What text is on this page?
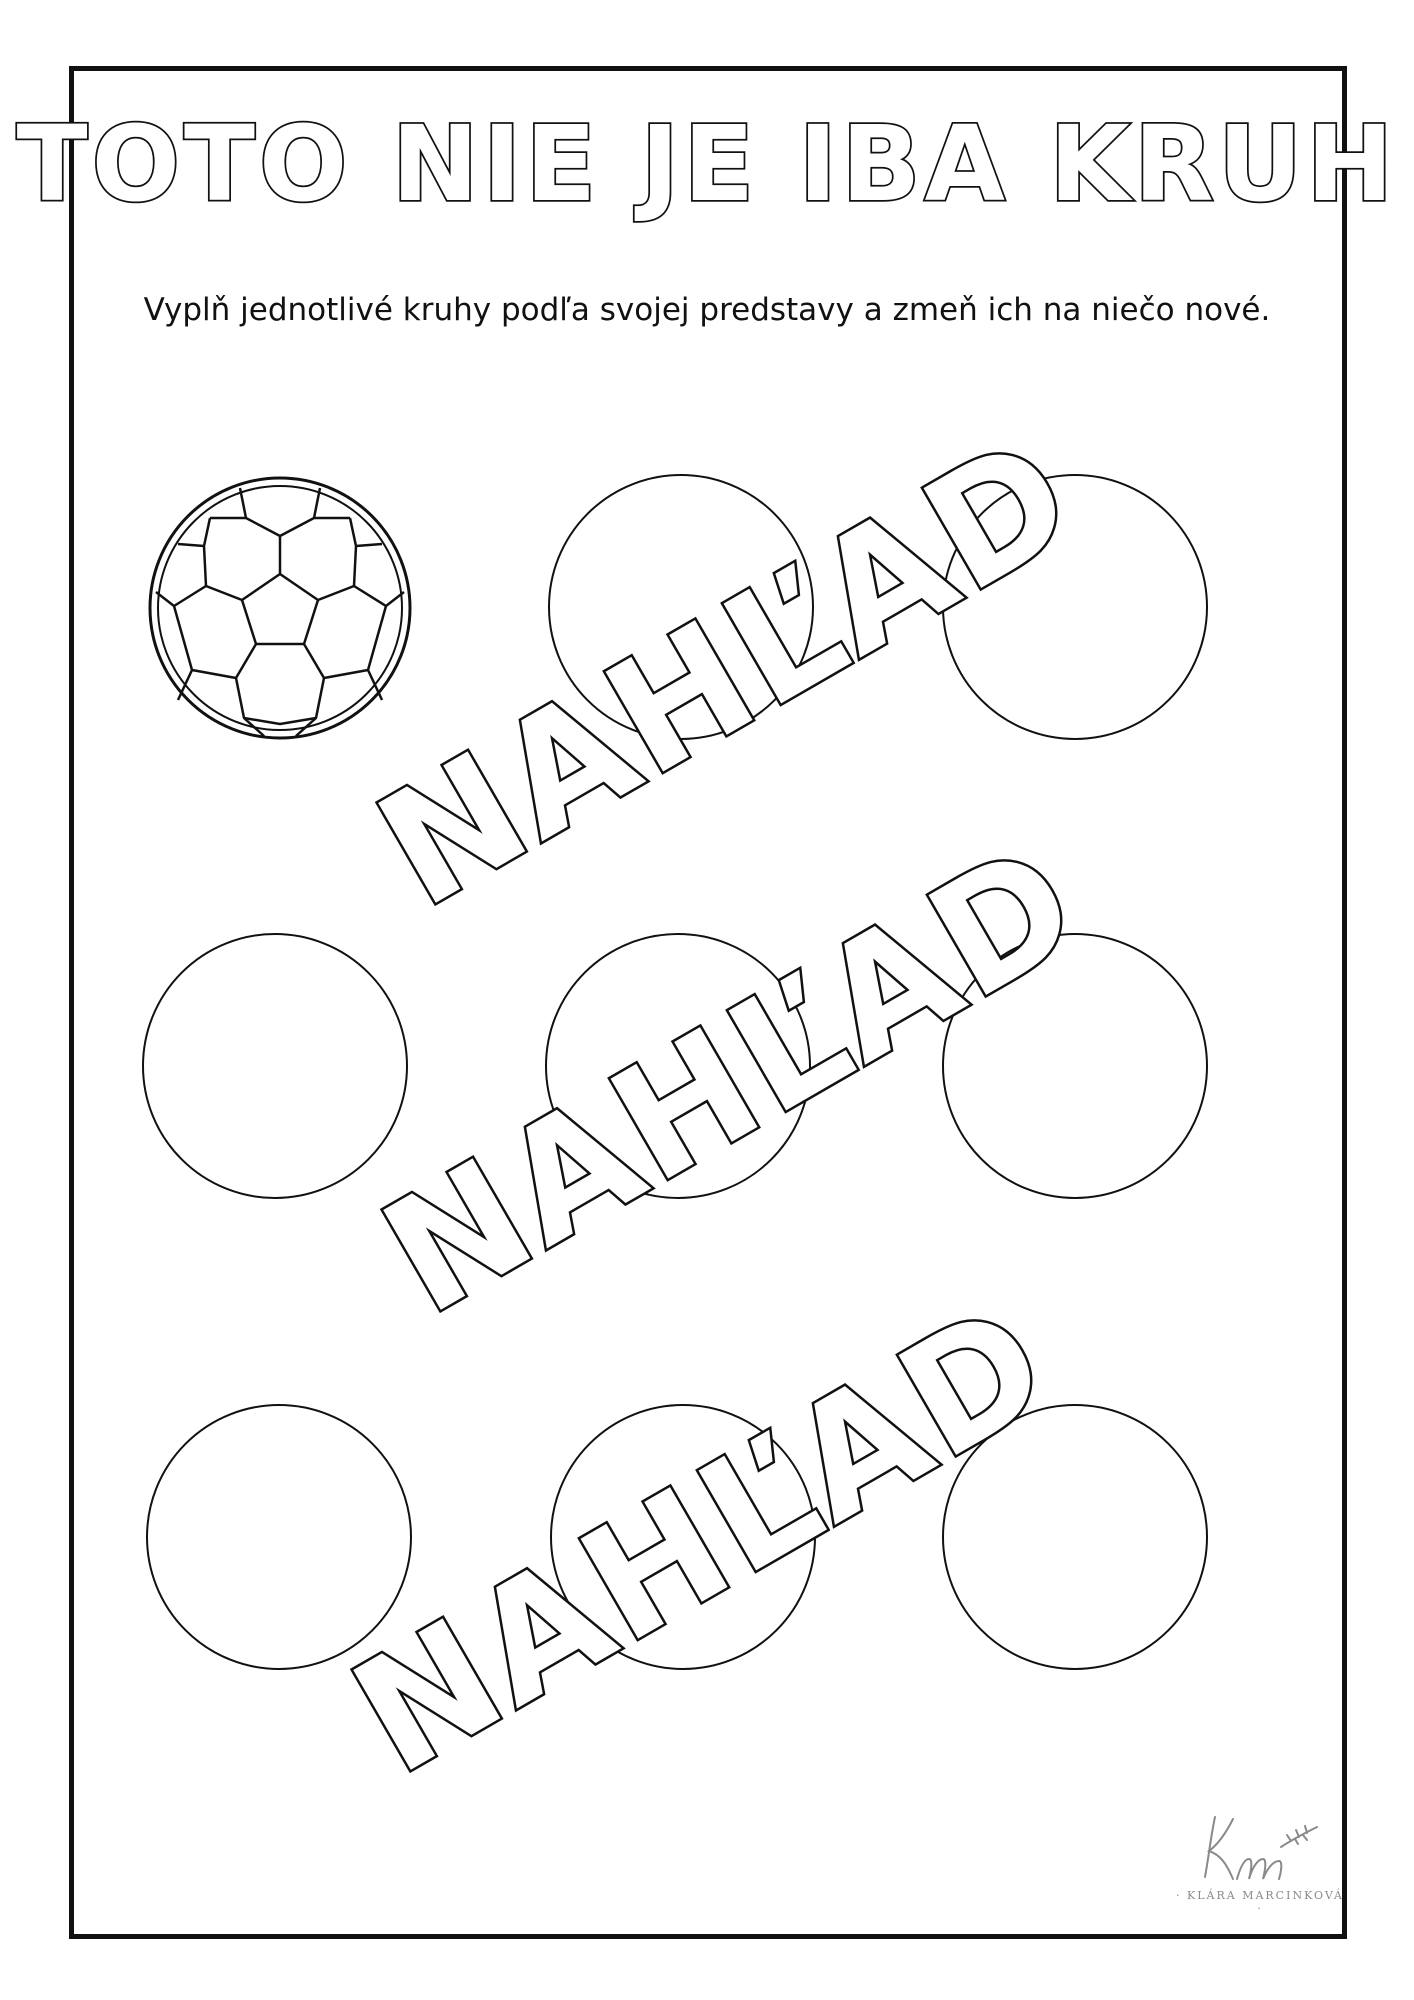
TOTO NIE JE IBA KRUH
Vyplň jednotlivé kruhy podľa svojej predstavy a zmeň ich na niečo nové.
NAHĽAD
NAHĽAD
NAHĽAD
· KLÁRA MARCINKOVÁ ·
